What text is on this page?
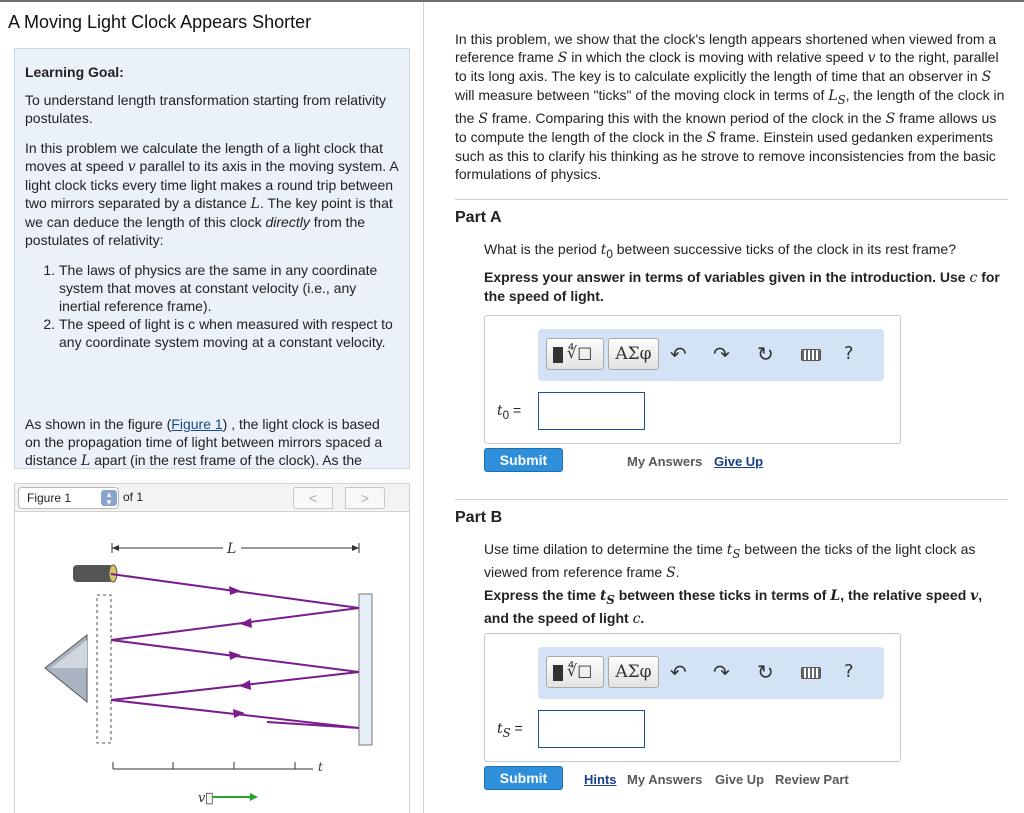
A Moving Light Clock Appears Shorter
Learning Goal:

To understand length transformation starting from relativity postulates.

In this problem we calculate the length of a light clock that moves at speed v parallel to its axis in the moving system. A light clock ticks every time light makes a round trip between two mirrors separated by a distance L. The key point is that we can deduce the length of this clock directly from the postulates of relativity:

1. The laws of physics are the same in any coordinate system that moves at constant velocity (i.e., any inertial reference frame).
2. The speed of light is c when measured with respect to any coordinate system moving at a constant velocity.

As shown in the figure (Figure 1) , the light clock is based on the propagation time of light between mirrors spaced a distance L apart (in the rest frame of the clock). As the

Figure 1	▴
▾ of 1	<	>
L
t
v⃗
In this problem, we show that the clock's length appears shortened when viewed from a reference frame S in which the clock is moving with relative speed v to the right, parallel to its long axis. The key is to calculate explicitly the length of time that an observer in S will measure between "ticks" of the moving clock in terms of $L_S$, the length of the clock in the S frame. Comparing this with the known period of the clock in the S frame allows us to compute the length of the clock in the S frame. Einstein used gedanken experiments such as this to clarify his thinking as he strove to remove inconsistencies from the basic formulations of physics.
Part A
What is the period $t_0$ between successive ticks of the clock in its rest frame?
Express your answer in terms of variables given in the introduction. Use c for the speed of light.
∜□	ΑΣφ ↶ ↷ ↻	?
$t_0$ =
Submit	My Answers Give Up
Part B
Use time dilation to determine the time $t_S$ between the ticks of the light clock as viewed from reference frame S.
Express the time $t_S$ between these ticks in terms of L, the relative speed v, and the speed of light c.
∜□	ΑΣφ ↶ ↷ ↻	?
$t_S$ =
Submit	Hints My Answers Give Up Review Part
